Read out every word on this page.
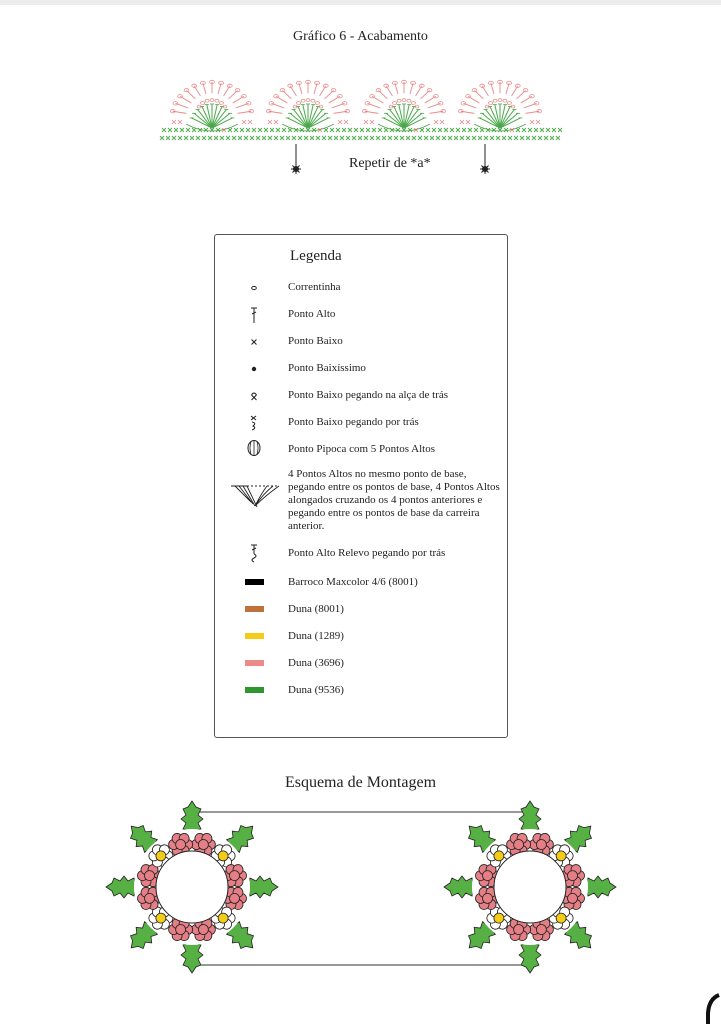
Gráfico 6 - Acabamento
Repetir de *a*
Legenda
Correntinha
Ponto Alto
Ponto Baixo
Ponto Baixíssimo
Ponto Baixo pegando na alça de trás
Ponto Baixo pegando por trás
Ponto Pipoca com 5 Pontos Altos
4 Pontos Altos no mesmo ponto de base, pegando entre os pontos de base, 4 Pontos Altos alongados cruzando os 4 pontos anteriores e pegando entre os pontos de base da carreira anterior.
Ponto Alto Relevo pegando por trás
Barroco Maxcolor 4/6 (8001)
Duna (8001)
Duna (1289)
Duna (3696)
Duna (9536)
Esquema de Montagem
